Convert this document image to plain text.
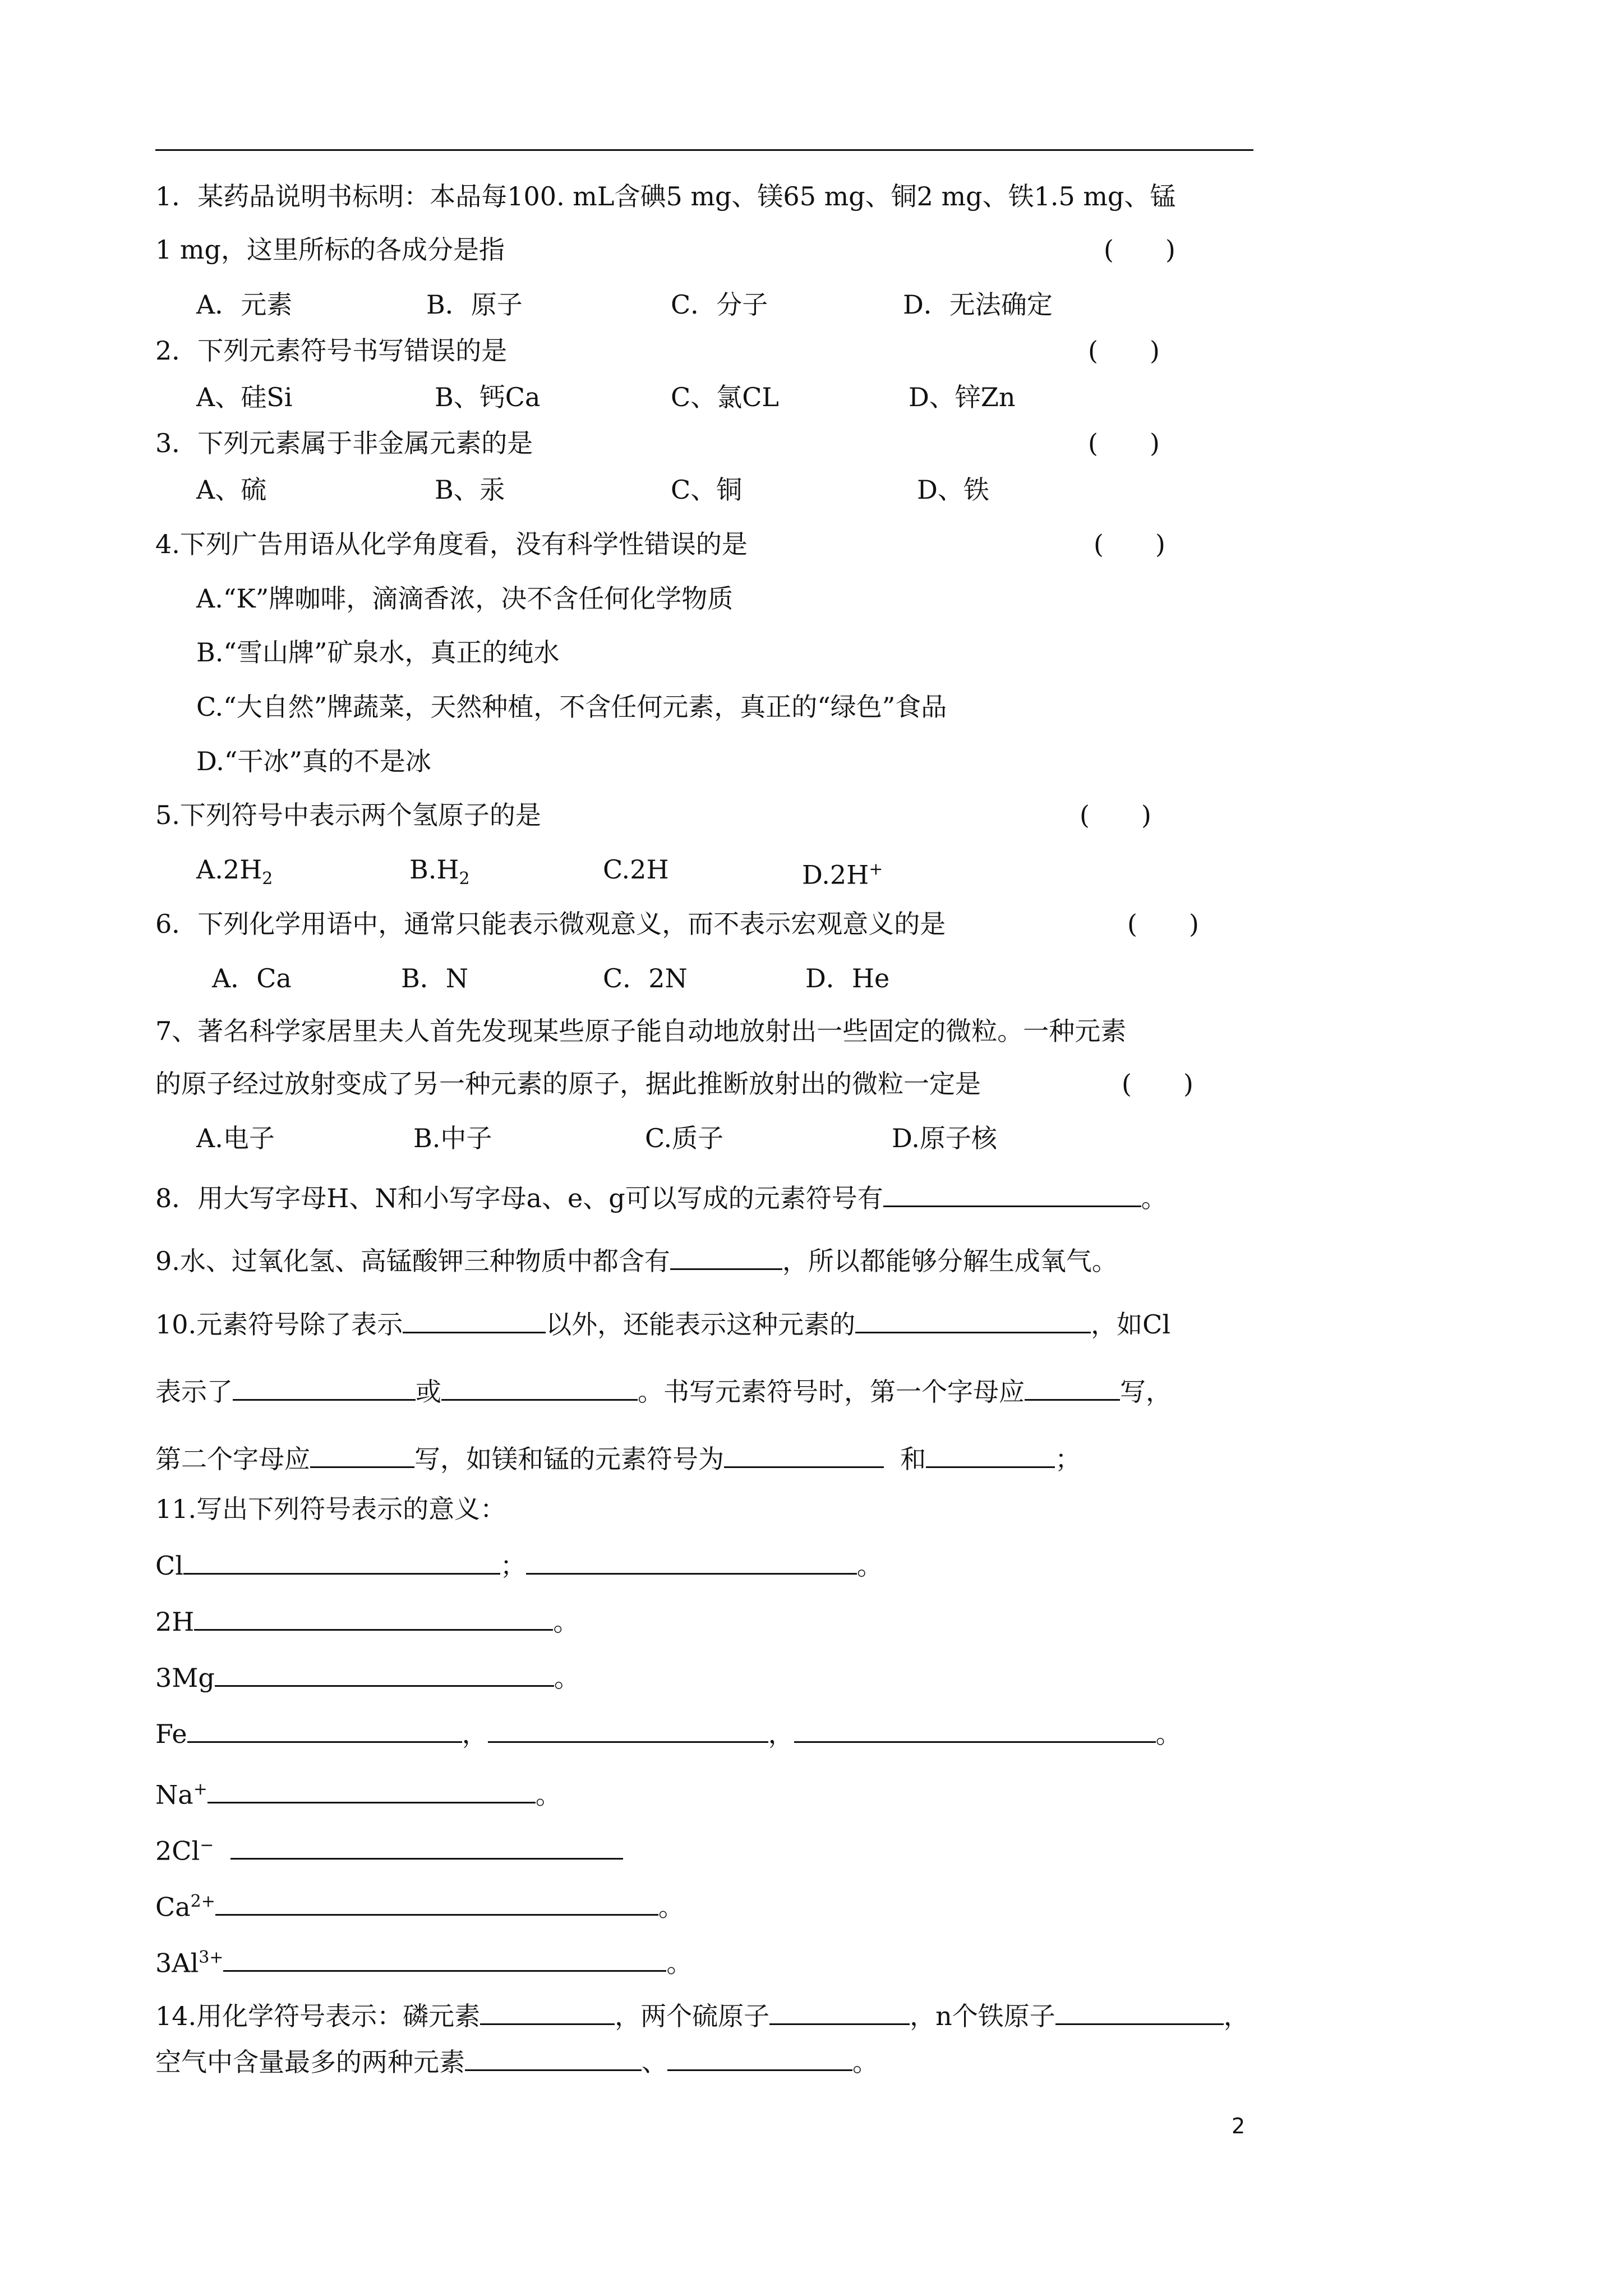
1．某药品说明书标明：本品每100. mL含碘5 mg、镁65 mg、铜2 mg、铁1.5 mg、锰
1 mg，这里所标的各成分是指	(　　)
A．元素	B．原子	C．分子	D．无法确定
2．下列元素符号书写错误的是	(　　)
A、硅Si	B、钙Ca	C、氯CL	D、锌Zn
3．下列元素属于非金属元素的是	(　　)
A、硫	B、汞	C、铜	D、铁
4.下列广告用语从化学角度看，没有科学性错误的是	(　　)
A.“K”牌咖啡，滴滴香浓，决不含任何化学物质
B.“雪山牌”矿泉水，真正的纯水
C.“大自然”牌蔬菜，天然种植，不含任何元素，真正的“绿色”食品
D.“干冰”真的不是冰
5.下列符号中表示两个氢原子的是	(　　)
$A.2H_2$	$B.H_2$	C.2H	D.2H+
6．下列化学用语中，通常只能表示微观意义，而不表示宏观意义的是	(　　)
A．Ca	B．N	C．2N	D．He
7、著名科学家居里夫人首先发现某些原子能自动地放射出一些固定的微粒。一种元素
的原子经过放射变成了另一种元素的原子，据此推断放射出的微粒一定是	(　　)
A.电子	B.中子	C.质子	D.原子核
8．用大写字母H、N和小写字母a、e、g可以写成的元素符号有	。
9.水、过氧化氢、高锰酸钾三种物质中都含有	，所以都能够分解生成氧气。
10.元素符号除了表示	以外，还能表示这种元素的	，如Cl
表示了	或	。书写元素符号时，第一个字母应	写，
第二个字母应	写，如镁和锰的元素符号为	和	；
11.写出下列符号表示的意义：
Cl	；	。
2H	。
3Mg	。
Fe	，	，	。
Na+	。
2Cl−
$Ca^{2+}$	。
$3Al^{3+}$	。
14.用化学符号表示：磷元素	，两个硫原子	，n个铁原子	，
空气中含量最多的两种元素	、	。
2
